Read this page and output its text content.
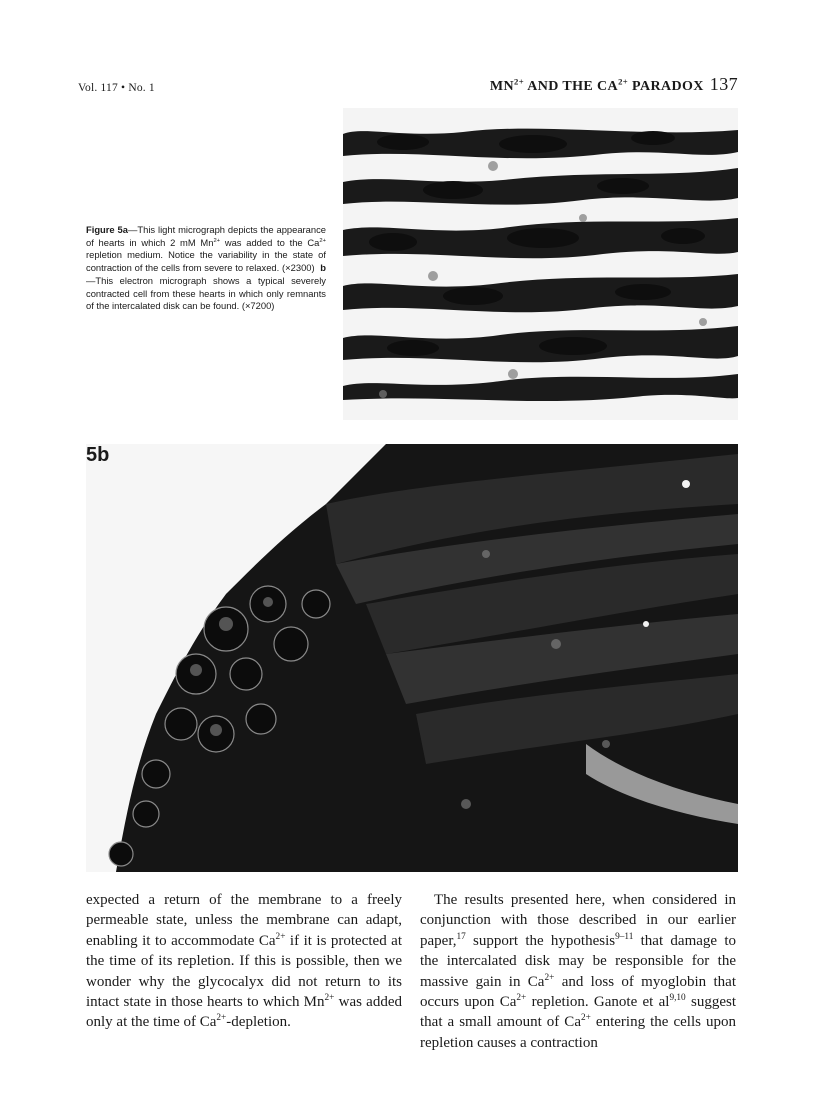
Vol. 117 • No. 1	$MN^{2+}$ AND THE $CA^{2+}$ PARADOX 137
Figure 5a—This light micrograph depicts the appearance of hearts in which 2 mM $Mn^{2+}$ was added to the $Ca^{2+}$ repletion medium. Notice the variability in the state of contraction of the cells from severe to relaxed. (×2300) b—This electron micrograph shows a typical severely contracted cell from these hearts in which only remnants of the intercalated disk can be found. (×7200)
5b
expected a return of the membrane to a freely permeable state, unless the membrane can adapt, enabling it to accommodate $Ca^{2+}$ if it is protected at the time of its repletion. If this is possible, then we wonder why the glycocalyx did not return to its intact state in those hearts to which $Mn^{2+}$ was added only at the time of $Ca^{2+}$-depletion.
The results presented here, when considered in conjunction with those described in our earlier paper,$^{17}$ support the hypothesis$^{9-11}$ that damage to the intercalated disk may be responsible for the massive gain in $Ca^{2+}$ and loss of myoglobin that occurs upon $Ca^{2+}$ repletion. Ganote et al$^{9,10}$ suggest that a small amount of $Ca^{2+}$ entering the cells upon repletion causes a contraction
